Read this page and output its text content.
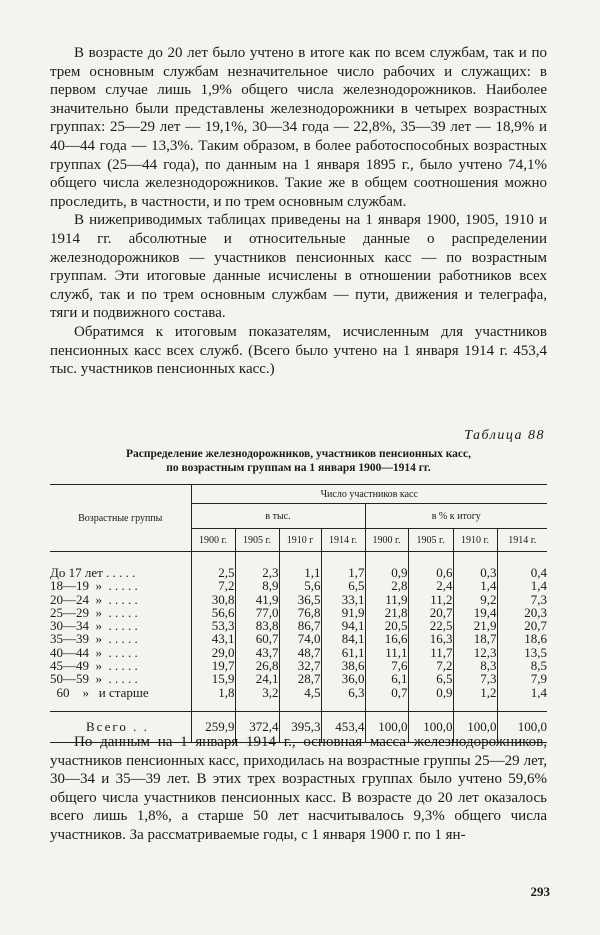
В возрасте до 20 лет было учтено в итоге как по всем службам, так и по трем основным службам незначительное число рабочих и служащих: в первом случае лишь 1,9% общего числа железнодорожников. Наиболее значительно были представлены железнодорожники в четырех возрастных группах: 25—29 лет — 19,1%, 30—34 года — 22,8%, 35—39 лет — 18,9% и 40—44 года — 13,3%. Таким образом, в более работоспособных возрастных группах (25—44 года), по данным на 1 января 1895 г., было учтено 74,1% общего числа железнодорожников. Такие же в общем соотношения можно проследить, в частности, и по трем основным службам.

В нижеприводимых таблицах приведены на 1 января 1900, 1905, 1910 и 1914 гг. абсолютные и относительные данные о распределении железнодорожников — участников пенсионных касс — по возрастным группам. Эти итоговые данные исчислены в отношении работников всех служб, так и по трем основным службам — пути, движения и телеграфа, тяги и подвижного состава.

Обратимся к итоговым показателям, исчисленным для участников пенсионных касс всех служб. (Всего было учтено на 1 января 1914 г. 453,4 тыс. участников пенсионных касс.)

Таблица 88
Распределение железнодорожников, участников пенсионных касс,
по возрастным группам на 1 января 1900—1914 гг.
Возрастные группы	Число участников касс							
	в тыс.				в % к итогу			
	1900 г.	1905 г.	1910 г	1914 г.	1900 г.	1905 г.	1910 г.	1914 г.

До 17 лет . . . . .	2,5	2,3	1,1	1,7	0,9	0,6	0,3	0,4
18—19  »  . . . . .	7,2	8,9	5,6	6,5	2,8	2,4	1,4	1,4
20—24  »  . . . . .	30,8	41,9	36,5	33,1	11,9	11,2	9,2	7,3
25—29  »  . . . . .	56,6	77,0	76,8	91,9	21,8	20,7	19,4	20,3
30—34  »  . . . . .	53,3	83,8	86,7	94,1	20,5	22,5	21,9	20,7
35—39  »  . . . . .	43,1	60,7	74,0	84,1	16,6	16,3	18,7	18,6
40—44  »  . . . . .	29,0	43,7	48,7	61,1	11,1	11,7	12,3	13,5
45—49  »  . . . . .	19,7	26,8	32,7	38,6	7,6	7,2	8,3	8,5
50—59  »  . . . . .	15,9	24,1	28,7	36,0	6,1	6,5	7,3	7,9
60    »   и старше	1,8	3,2	4,5	6,3	0,7	0,9	1,2	1,4

Всего . .	259,9	372,4	395,3	453,4	100,0	100,0	100,0	100,0

По данным на 1 января 1914 г., основная масса железнодорожников, участников пенсионных касс, приходилась на возрастные группы 25—29 лет, 30—34 и 35—39 лет. В этих трех возрастных группах было учтено 59,6% общего числа участников пенсионных касс. В возрасте до 20 лет оказалось всего лишь 1,8%, а старше 50 лет насчитывалось 9,3% общего числа участников. За рассматриваемые годы, с 1 января 1900 г. по 1 ян-

293
